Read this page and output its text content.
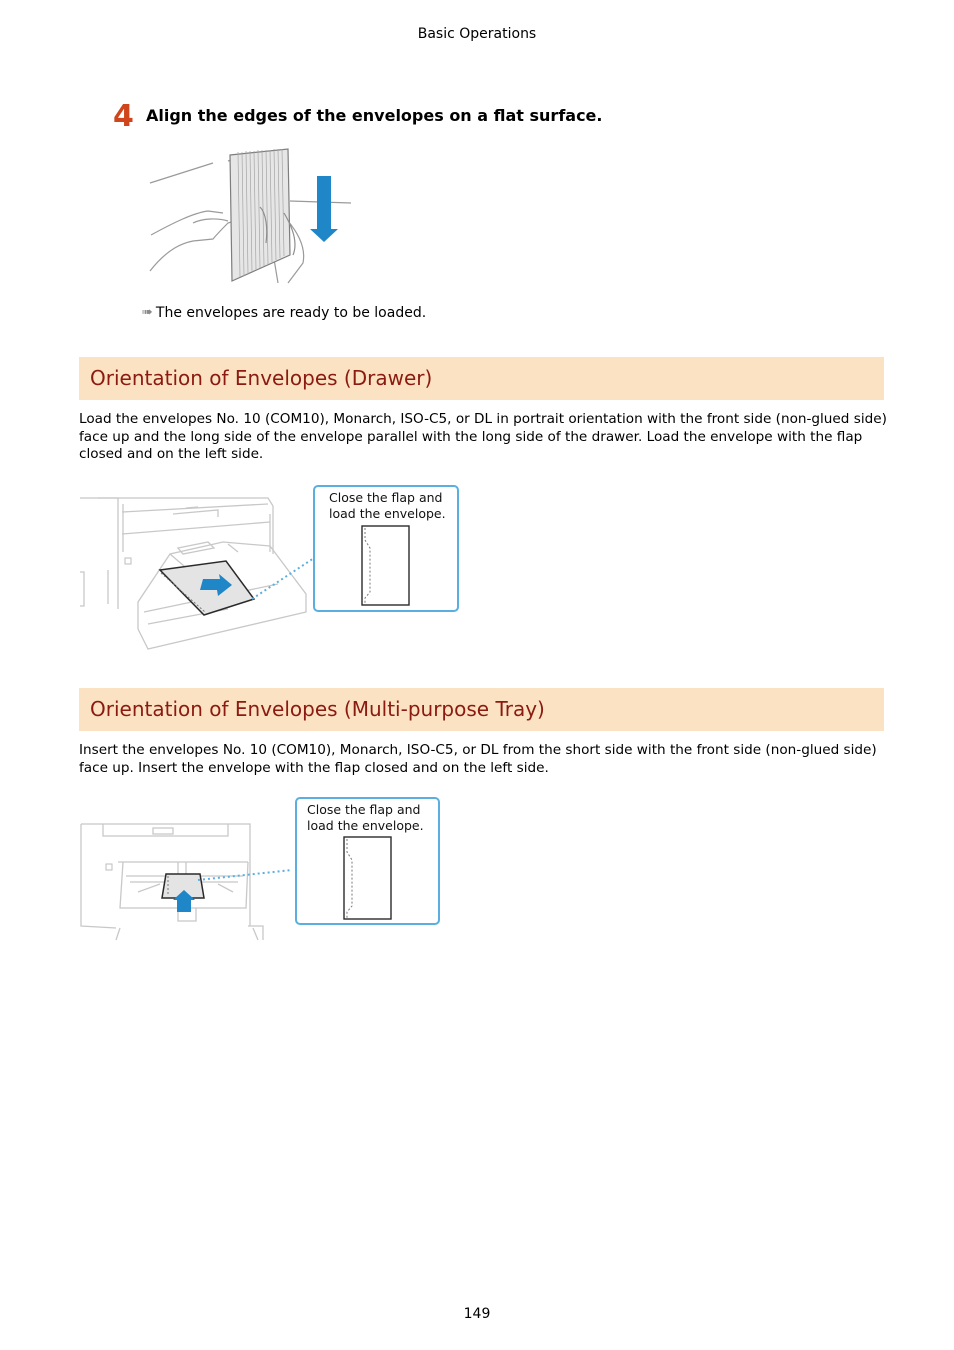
Basic Operations
4 Align the edges of the envelopes on a flat surface.
➠ The envelopes are ready to be loaded.
Orientation of Envelopes (Drawer)
Load the envelopes No. 10 (COM10), Monarch, ISO-C5, or DL in portrait orientation with the front side (non-glued side) face up and the long side of the envelope parallel with the long side of the drawer. Load the envelope with the flap closed and on the left side.
Close the flap and
load the envelope.
Orientation of Envelopes (Multi-purpose Tray)
Insert the envelopes No. 10 (COM10), Monarch, ISO-C5, or DL from the short side with the front side (non-glued side) face up. Insert the envelope with the flap closed and on the left side.
Close the flap and
load the envelope.
149
